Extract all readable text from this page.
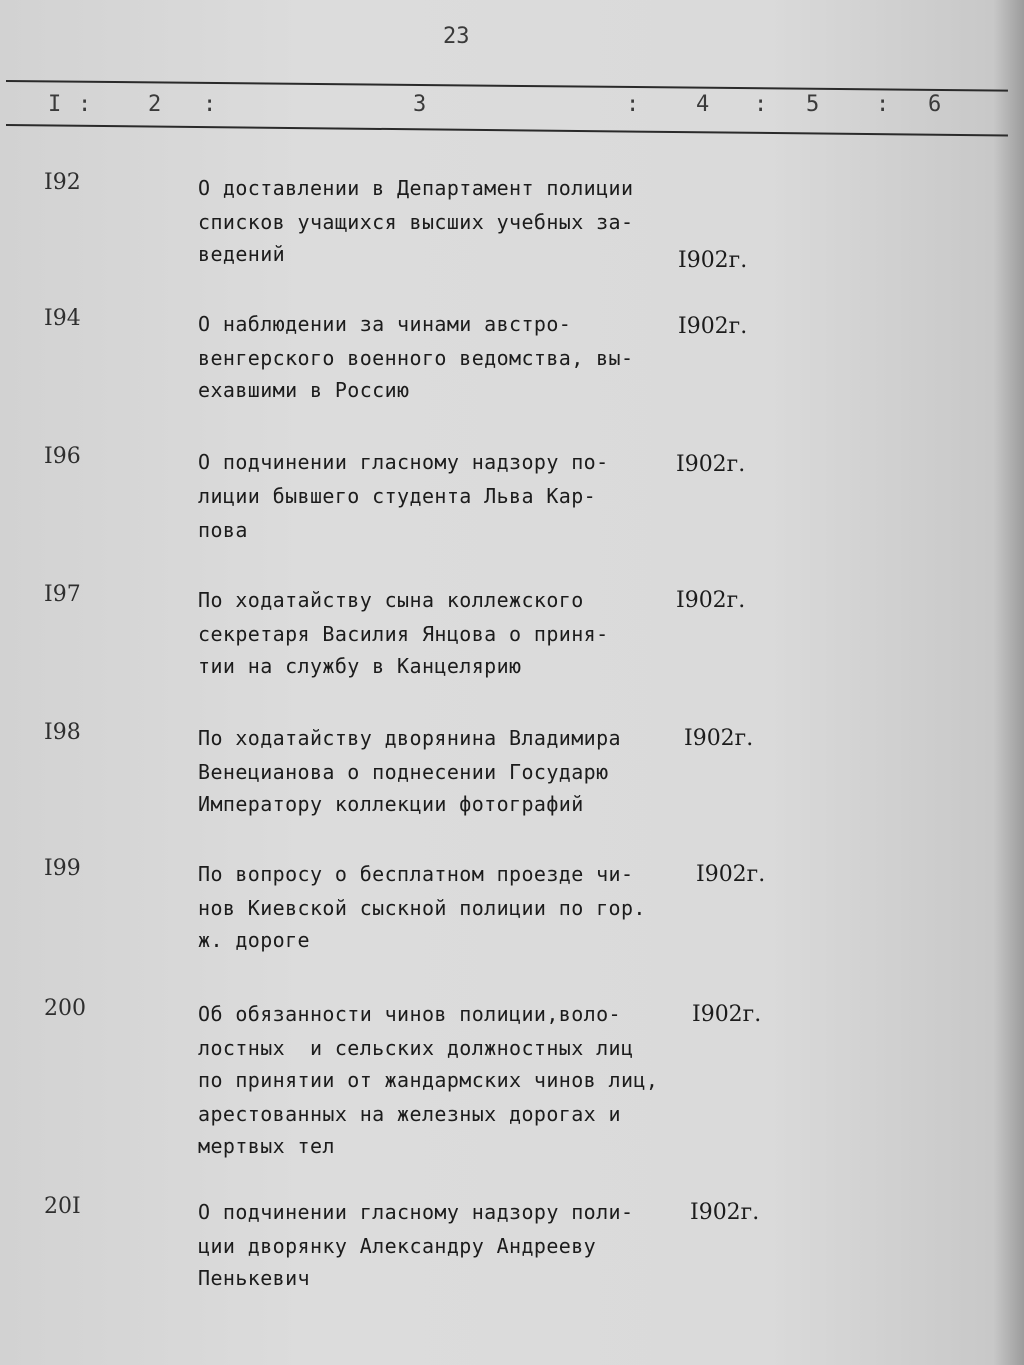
23
I :	2 :	3	:	4 : 5	: 6
I92	О доставлении в Департамент полиции
списков учащихся высших учебных за-
ведений	I902г.
I94	О наблюдении за чинами австро-
венгерского военного ведомства, вы-
ехавшими в Россию
I902г.
I96	О подчинении гласному надзору по-
лиции бывшего студента Льва Кар-
пова
I902г.
I97	По ходатайству сына коллежского
секретаря Василия Янцова о приня-
тии на службу в Канцелярию
I902г.
I98	По ходатайству дворянина Владимира
Венецианова о поднесении Государю
Императору коллекции фотографий
I902г.
I99	По вопросу о бесплатном проезде чи-
нов Киевской сыскной полиции по гор.
ж. дороге
I902г.
200	Об обязанности чинов полиции,воло-
лостных  и сельских должностных лиц
по принятии от жандармских чинов лиц,
арестованных на железных дорогах и
мертвых тел
I902г.
20I	О подчинении гласному надзору поли-
ции дворянку Александру Андрееву
Пенькевич
I902г.
